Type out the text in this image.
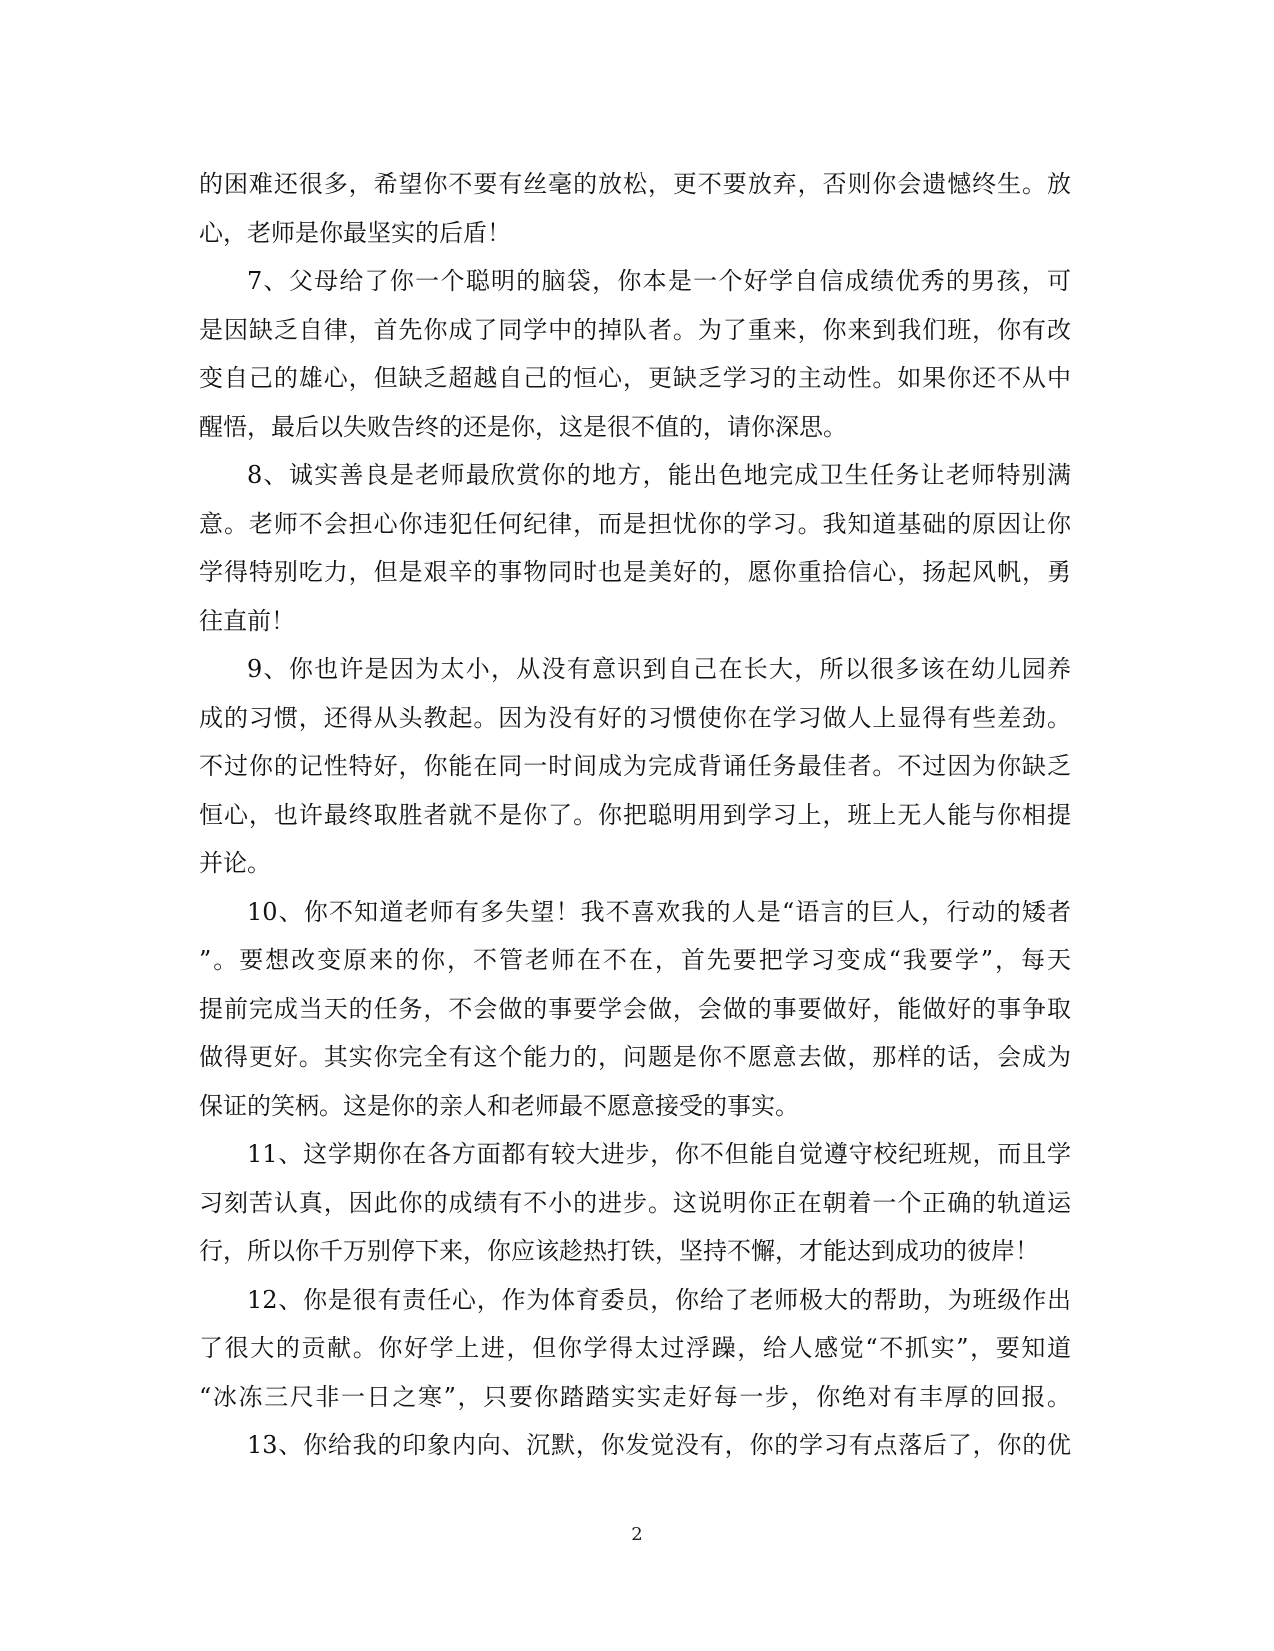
的困难还很多，希望你不要有丝毫的放松，更不要放弃，否则你会遗憾终生。放
心，老师是你最坚实的后盾！
7、父母给了你一个聪明的脑袋，你本是一个好学自信成绩优秀的男孩，可
是因缺乏自律，首先你成了同学中的掉队者。为了重来，你来到我们班，你有改
变自己的雄心，但缺乏超越自己的恒心，更缺乏学习的主动性。如果你还不从中
醒悟，最后以失败告终的还是你，这是很不值的，请你深思。
8、诚实善良是老师最欣赏你的地方，能出色地完成卫生任务让老师特别满
意。老师不会担心你违犯任何纪律，而是担忧你的学习。我知道基础的原因让你
学得特别吃力，但是艰辛的事物同时也是美好的，愿你重拾信心，扬起风帆，勇
往直前！
9、你也许是因为太小，从没有意识到自己在长大，所以很多该在幼儿园养
成的习惯，还得从头教起。因为没有好的习惯使你在学习做人上显得有些差劲。
不过你的记性特好，你能在同一时间成为完成背诵任务最佳者。不过因为你缺乏
恒心，也许最终取胜者就不是你了。你把聪明用到学习上，班上无人能与你相提
并论。
10、你不知道老师有多失望！我不喜欢我的人是“语言的巨人，行动的矮者
”。要想改变原来的你，不管老师在不在，首先要把学习变成“我要学”，每天
提前完成当天的任务，不会做的事要学会做，会做的事要做好，能做好的事争取
做得更好。其实你完全有这个能力的，问题是你不愿意去做，那样的话，会成为
保证的笑柄。这是你的亲人和老师最不愿意接受的事实。
11、这学期你在各方面都有较大进步，你不但能自觉遵守校纪班规，而且学
习刻苦认真，因此你的成绩有不小的进步。这说明你正在朝着一个正确的轨道运
行，所以你千万别停下来，你应该趁热打铁，坚持不懈，才能达到成功的彼岸！
12、你是很有责任心，作为体育委员，你给了老师极大的帮助，为班级作出
了很大的贡献。你好学上进，但你学得太过浮躁，给人感觉“不抓实”，要知道
“冰冻三尺非一日之寒”，只要你踏踏实实走好每一步，你绝对有丰厚的回报。
13、你给我的印象内向、沉默，你发觉没有，你的学习有点落后了，你的优
2
